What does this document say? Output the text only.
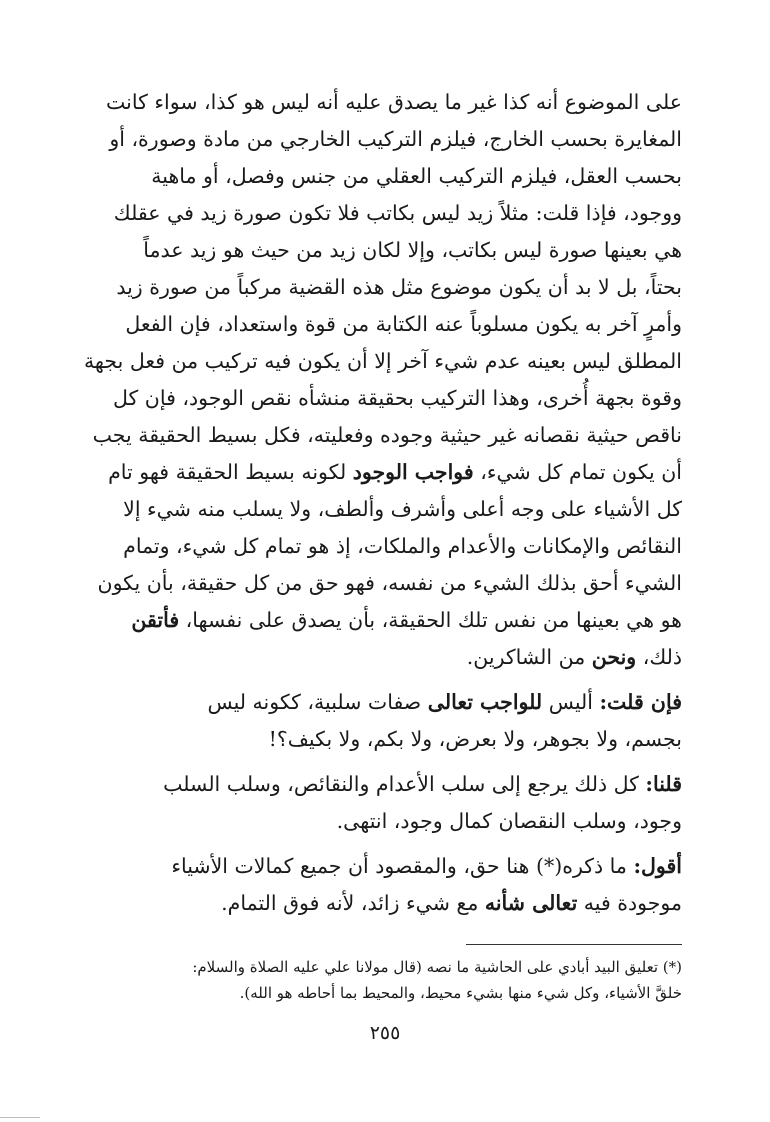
على الموضوع أنه كذا غير ما يصدق عليه أنه ليس هو كذا، سواء كانت
المغايرة بحسب الخارج، فيلزم التركيب الخارجي من مادة وصورة، أو
بحسب العقل، فيلزم التركيب العقلي من جنس وفصل، أو ماهية
ووجود، فإذا قلت: مثلاً زيد ليس بكاتب فلا تكون صورة زيد في عقلك
هي بعينها صورة ليس بكاتب، وإلا لكان زيد من حيث هو زيد عدماً
بحتاً، بل لا بد أن يكون موضوع مثل هذه القضية مركباً من صورة زيد
وأمرٍ آخر به يكون مسلوباً عنه الكتابة من قوة واستعداد، فإن الفعل
المطلق ليس بعينه عدم شيء آخر إلا أن يكون فيه تركيب من فعل بجهة
وقوة بجهة أُخرى، وهذا التركيب بحقيقة منشأه نقص الوجود، فإن كل
ناقص حيثية نقصانه غير حيثية وجوده وفعليته، فكل بسيط الحقيقة يجب
أن يكون تمام كل شيء، فواجب الوجود لكونه بسيط الحقيقة فهو تام
كل الأشياء على وجه أعلى وأشرف وألطف، ولا يسلب منه شيء إلا
النقائص والإمكانات والأعدام والملكات، إذ هو تمام كل شيء، وتمام
الشيء أحق بذلك الشيء من نفسه، فهو حق من كل حقيقة، بأن يكون
هو هي بعينها من نفس تلك الحقيقة، بأن يصدق على نفسها، فأتقن
ذلك، ونحن من الشاكرين.

فإن قلت: أليس للواجب تعالى صفات سلبية، ككونه ليس
بجسم، ولا بجوهر، ولا بعرض، ولا بكم، ولا بكيف؟!

قلنا: كل ذلك يرجع إلى سلب الأعدام والنقائص، وسلب السلب
وجود، وسلب النقصان كمال وجود، انتهى.

أقول: ما ذكره(*) هنا حق، والمقصود أن جميع كمالات الأشياء
موجودة فيه تعالى شأنه مع شيء زائد، لأنه فوق التمام.

(*) تعليق البيد أبادي على الحاشية ما نصه (قال مولانا علي عليه الصلاة والسلام:
خلقَّ الأشياء، وكل شيء منها بشيء محيط، والمحيط بما أحاطه هو الله).
٢٥٥
